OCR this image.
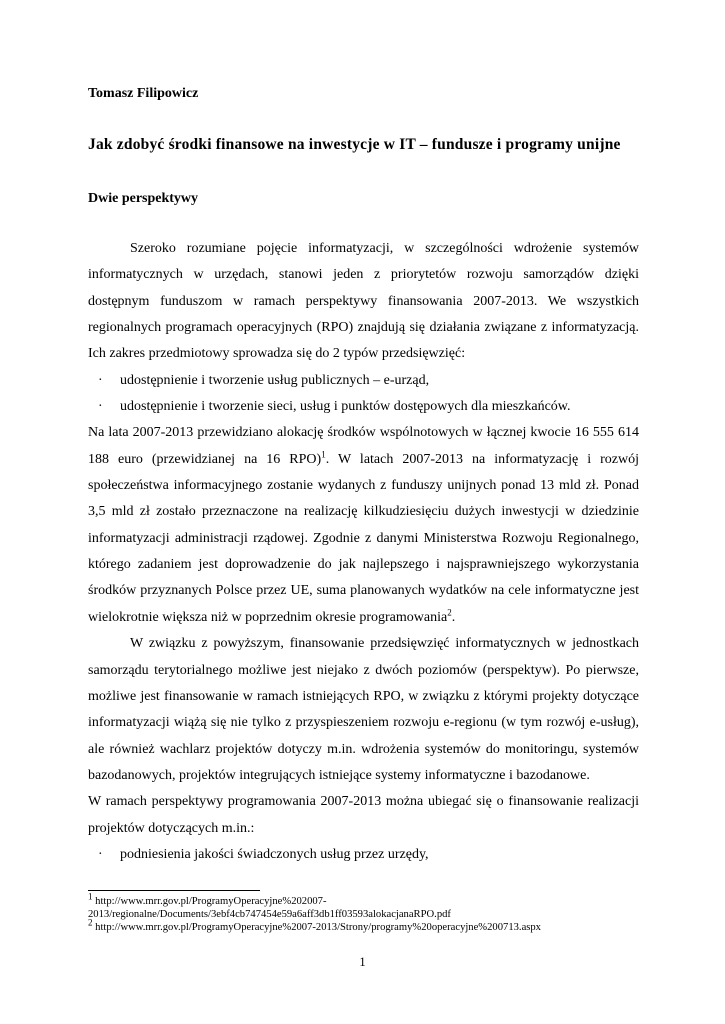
Tomasz Filipowicz
Jak zdobyć środki finansowe na inwestycje w IT – fundusze i programy unijne
Dwie perspektywy

Szeroko rozumiane pojęcie informatyzacji, w szczególności wdrożenie systemów informatycznych w urzędach, stanowi jeden z priorytetów rozwoju samorządów dzięki dostępnym funduszom w ramach perspektywy finansowania 2007-2013. We wszystkich regionalnych programach operacyjnych (RPO) znajdują się działania związane z informatyzacją. Ich zakres przedmiotowy sprowadza się do 2 typów przedsięwzięć:

· udostępnienie i tworzenie usług publicznych – e-urząd,
· udostępnienie i tworzenie sieci, usług i punktów dostępowych dla mieszkańców.

Na lata 2007-2013 przewidziano alokację środków wspólnotowych w łącznej kwocie 16 555 614 188 euro (przewidzianej na 16 RPO)$^1$. W latach 2007-2013 na informatyzację i rozwój społeczeństwa informacyjnego zostanie wydanych z funduszy unijnych ponad 13 mld zł. Ponad 3,5 mld zł zostało przeznaczone na realizację kilkudziesięciu dużych inwestycji w dziedzinie informatyzacji administracji rządowej. Zgodnie z danymi Ministerstwa Rozwoju Regionalnego, którego zadaniem jest doprowadzenie do jak najlepszego i najsprawniejszego wykorzystania środków przyznanych Polsce przez UE, suma planowanych wydatków na cele informatyczne jest wielokrotnie większa niż w poprzednim okresie programowania$^2$.

W związku z powyższym, finansowanie przedsięwzięć informatycznych w jednostkach samorządu terytorialnego możliwe jest niejako z dwóch poziomów (perspektyw). Po pierwsze, możliwe jest finansowanie w ramach istniejących RPO, w związku z którymi projekty dotyczące informatyzacji wiążą się nie tylko z przyspieszeniem rozwoju e-regionu (w tym rozwój e-usług), ale również wachlarz projektów dotyczy m.in. wdrożenia systemów do monitoringu, systemów bazodanowych, projektów integrujących istniejące systemy informatyczne i bazodanowe.

W ramach perspektywy programowania 2007-2013 można ubiegać się o finansowanie realizacji projektów dotyczących m.in.:

· podniesienia jakości świadczonych usług przez urzędy,

$^1$ http://www.mrr.gov.pl/ProgramyOperacyjne%202007-
2013/regionalne/Documents/3ebf4cb747454e59a6aff3db1ff03593alokacjanaRPO.pdf

$^2$ http://www.mrr.gov.pl/ProgramyOperacyjne%2007-2013/Strony/programy%20operacyjne%200713.aspx

1
